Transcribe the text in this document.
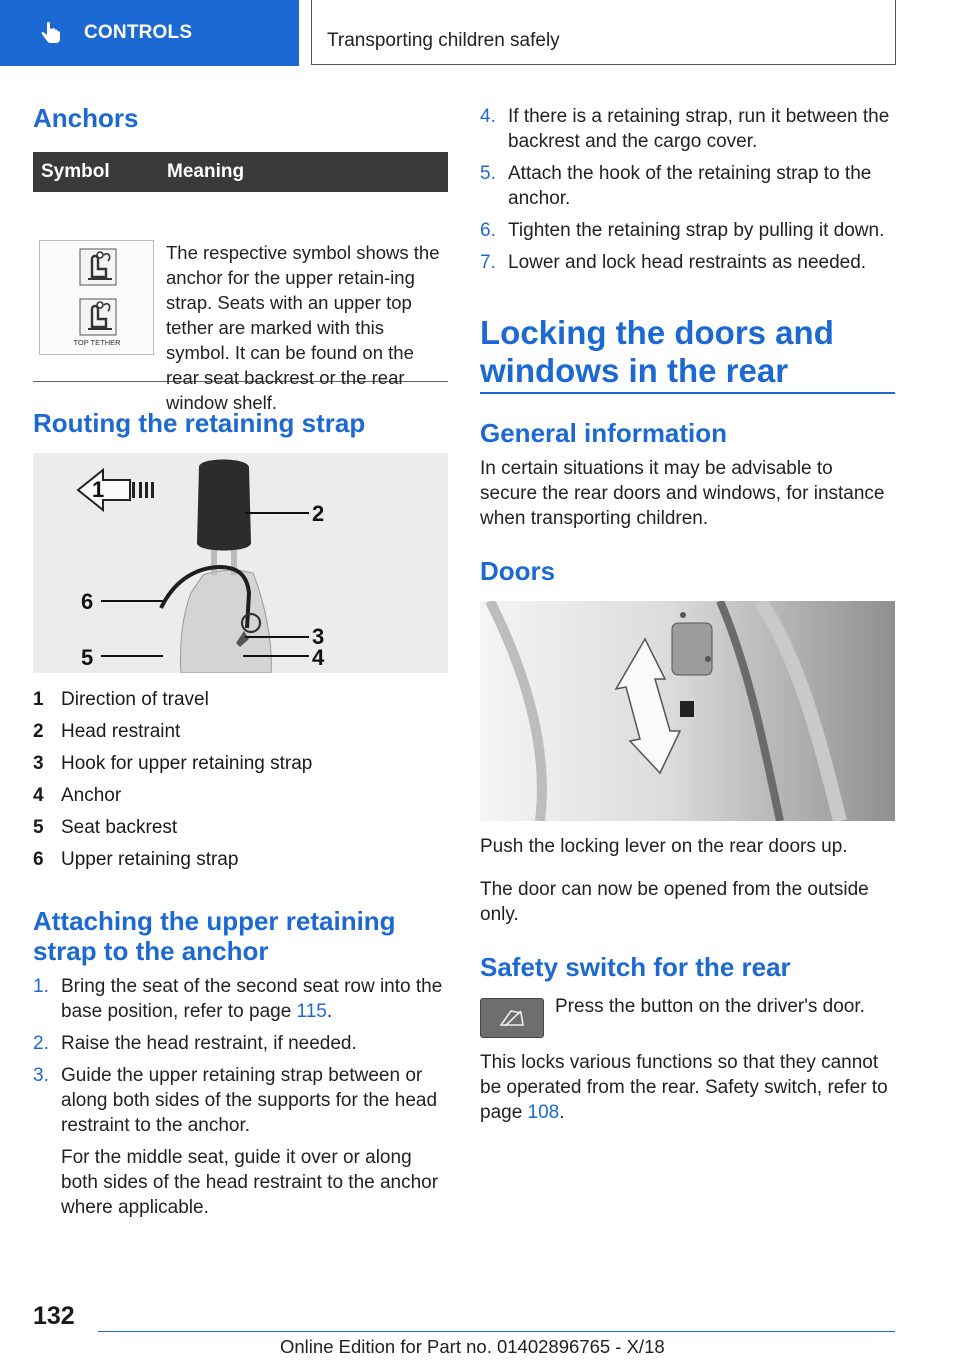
CONTROLS	Transporting children safely
Anchors
Symbol	Meaning
TOP TETHER
The respective symbol shows the anchor for the upper retain-ing strap. Seats with an upper top tether are marked with this symbol. It can be found on the rear seat backrest or the rear window shelf.
Routing the retaining strap
1
2
3
4
5
6
1 Direction of travel
2 Head restraint
3 Hook for upper retaining strap
4 Anchor
5 Seat backrest
6 Upper retaining strap
Attaching the upper retaining strap to the anchor
1. Bring the seat of the second seat row into the base position, refer to page 115.
2. Raise the head restraint, if needed.
3. Guide the upper retaining strap between or along both sides of the supports for the head restraint to the anchor.
For the middle seat, guide it over or along both sides of the head restraint to the anchor where applicable.
4. If there is a retaining strap, run it between the backrest and the cargo cover.
5. Attach the hook of the retaining strap to the anchor.
6. Tighten the retaining strap by pulling it down.
7. Lower and lock head restraints as needed.
Locking the doors and windows in the rear
General information
In certain situations it may be advisable to secure the rear doors and windows, for instance when transporting children.
Doors
Push the locking lever on the rear doors up.
The door can now be opened from the outside only.
Safety switch for the rear
Press the button on the driver's door.
This locks various functions so that they cannot be operated from the rear. Safety switch, refer to page 108.
132
Online Edition for Part no. 01402896765 - X/18
